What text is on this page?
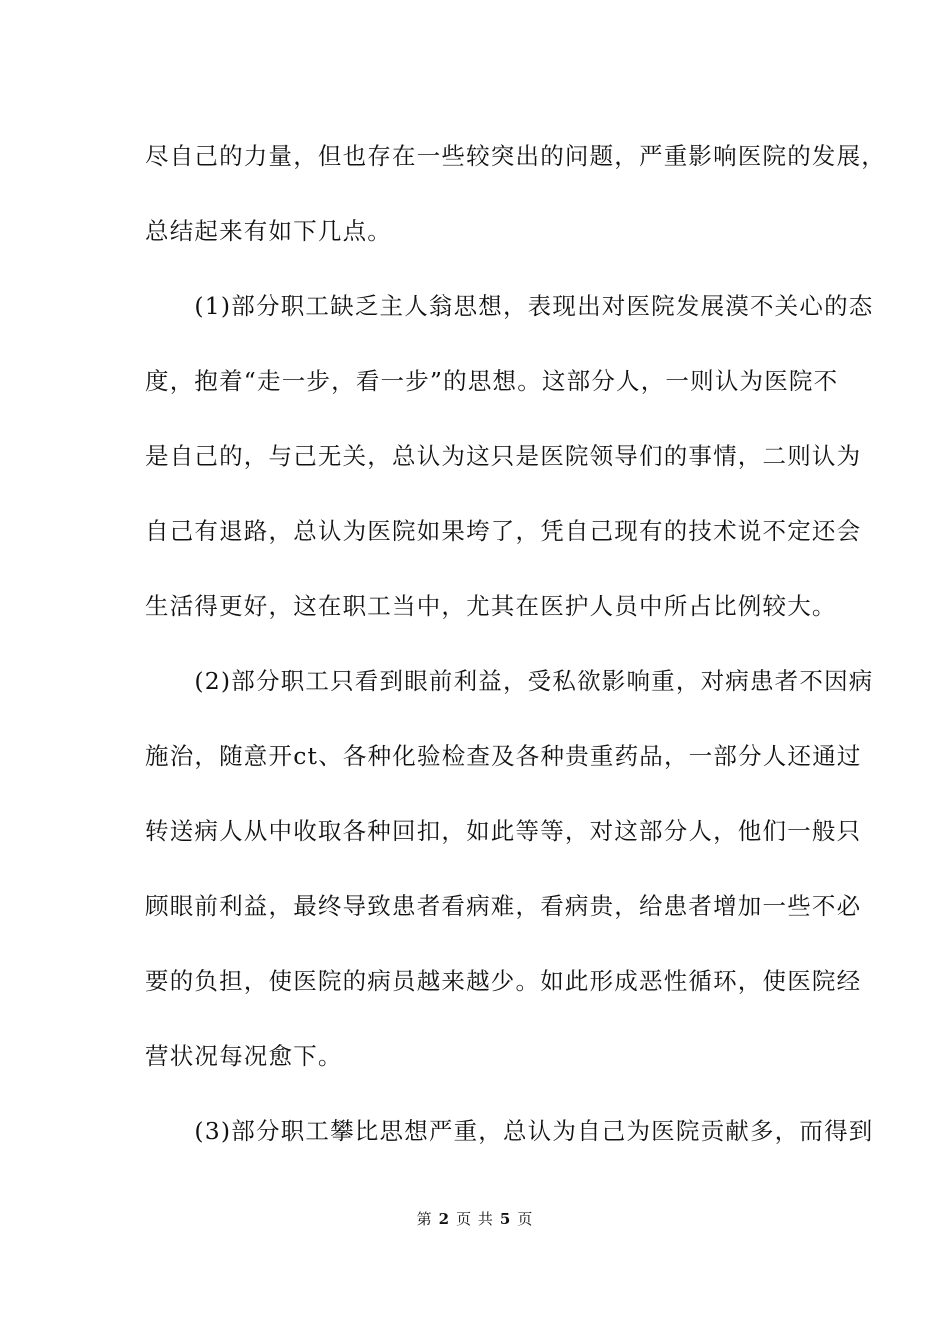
尽自己的力量，但也存在一些较突出的问题，严重影响医院的发展，
总结起来有如下几点。
　　(1)部分职工缺乏主人翁思想，表现出对医院发展漠不关心的态
度，抱着“走一步，看一步”的思想。这部分人，一则认为医院不
是自己的，与己无关，总认为这只是医院领导们的事情，二则认为
自己有退路，总认为医院如果垮了，凭自己现有的技术说不定还会
生活得更好，这在职工当中，尤其在医护人员中所占比例较大。
　　(2)部分职工只看到眼前利益，受私欲影响重，对病患者不因病
施治，随意开ct、各种化验检查及各种贵重药品，一部分人还通过
转送病人从中收取各种回扣，如此等等，对这部分人，他们一般只
顾眼前利益，最终导致患者看病难，看病贵，给患者增加一些不必
要的负担，使医院的病员越来越少。如此形成恶性循环，使医院经
营状况每况愈下。
　　(3)部分职工攀比思想严重，总认为自己为医院贡献多，而得到
第 2 页 共 5 页
